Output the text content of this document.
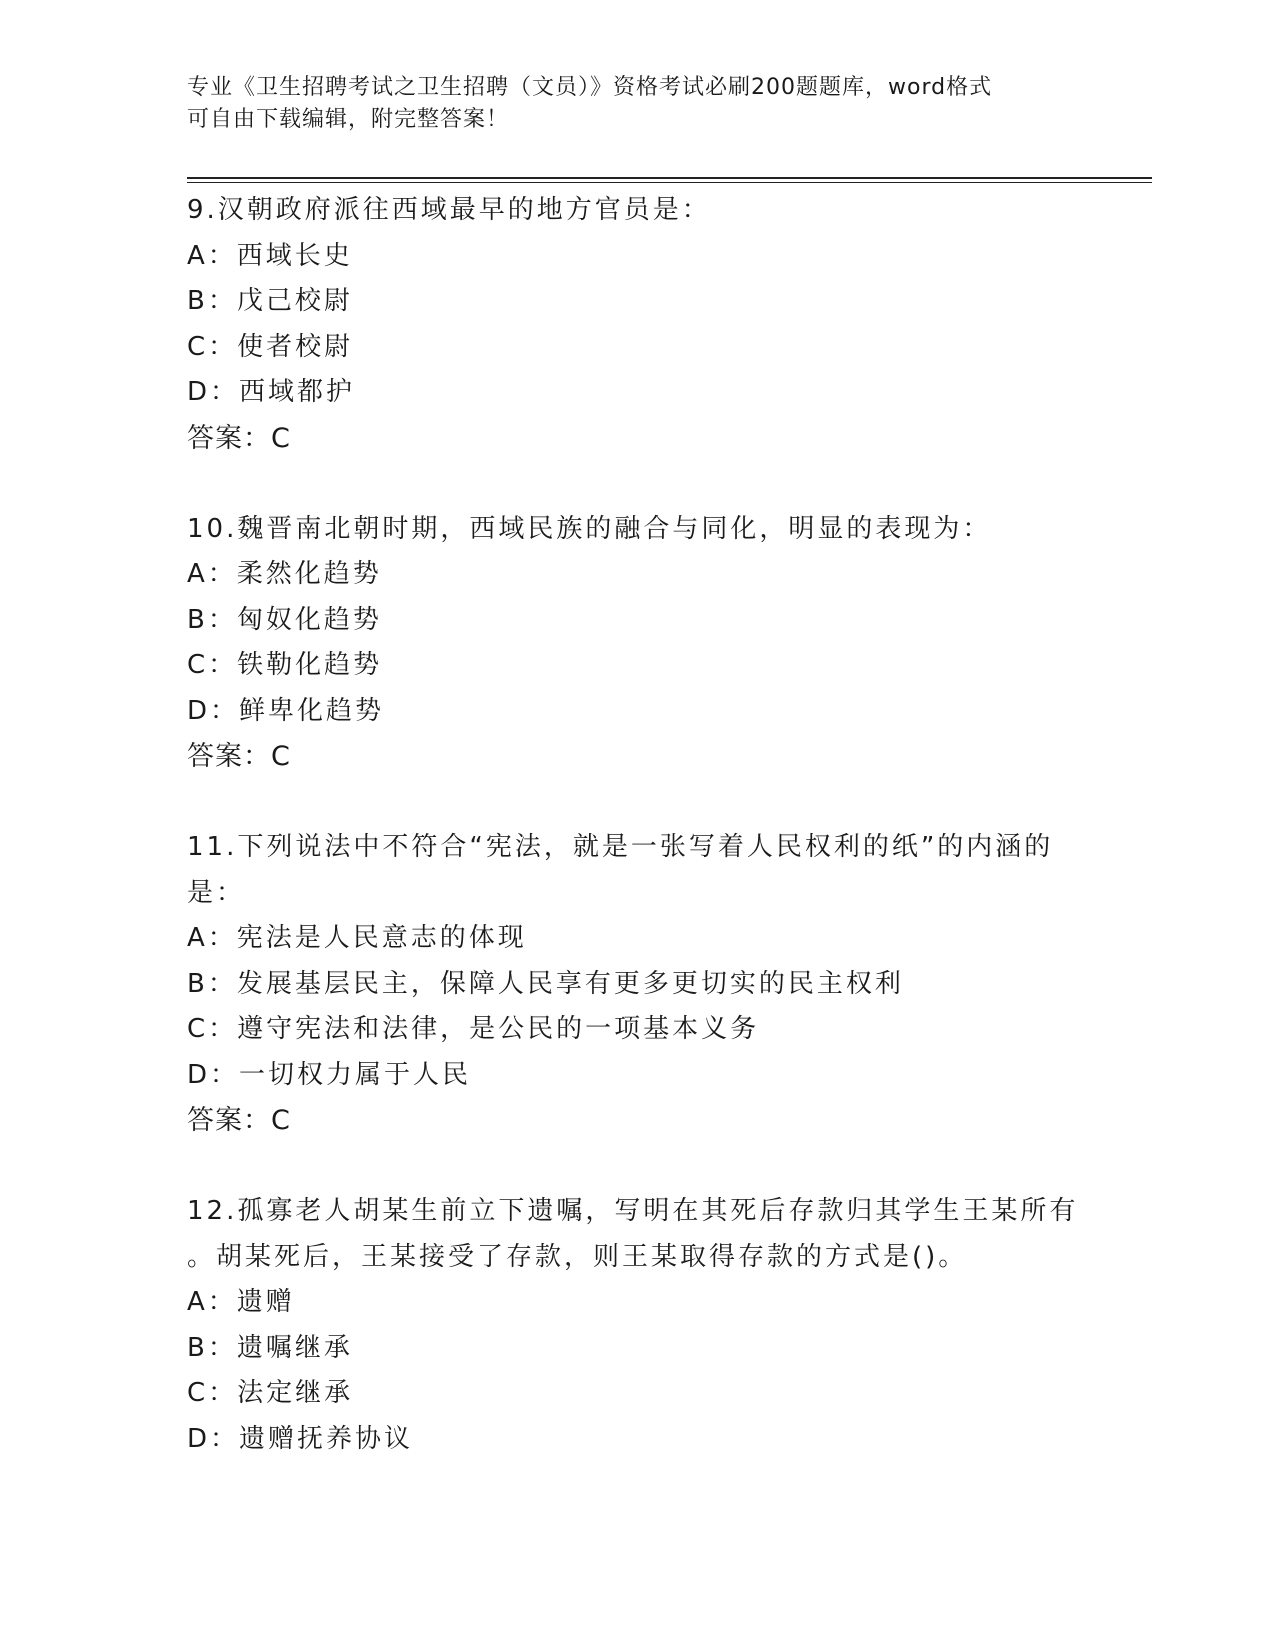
专业《卫生招聘考试之卫生招聘（文员）》资格考试必刷200题题库，word格式
可自由下载编辑，附完整答案！
9.汉朝政府派往西域最早的地方官员是：
A：西域长史
B：戊己校尉
C：使者校尉
D：西域都护
答案：C
10.魏晋南北朝时期，西域民族的融合与同化，明显的表现为：
A：柔然化趋势
B：匈奴化趋势
C：铁勒化趋势
D：鲜卑化趋势
答案：C
11.下列说法中不符合“宪法，就是一张写着人民权利的纸”的内涵的
是：
A：宪法是人民意志的体现
B：发展基层民主，保障人民享有更多更切实的民主权利
C：遵守宪法和法律，是公民的一项基本义务
D：一切权力属于人民
答案：C
12.孤寡老人胡某生前立下遗嘱，写明在其死后存款归其学生王某所有
。胡某死后，王某接受了存款，则王某取得存款的方式是()。
A：遗赠
B：遗嘱继承
C：法定继承
D：遗赠抚养协议
